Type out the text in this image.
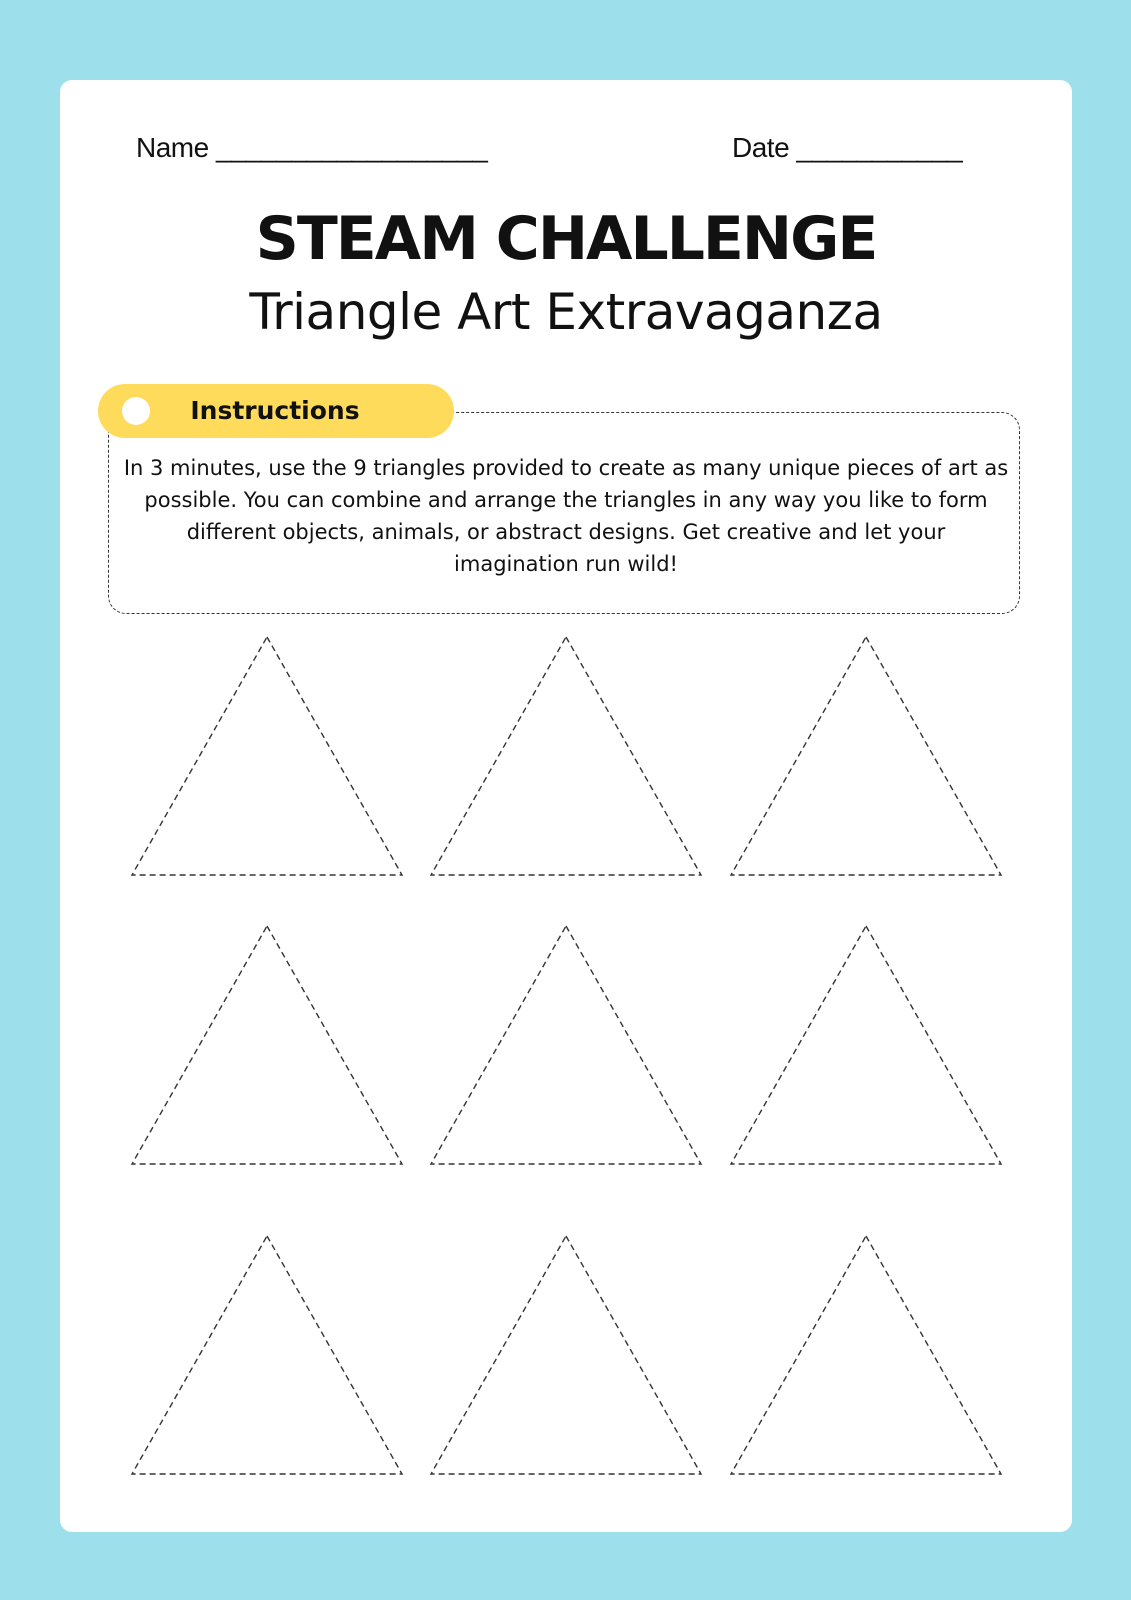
Name __________________	Date ___________
STEAM CHALLENGE
Triangle Art Extravaganza
Instructions
In 3 minutes, use the 9 triangles provided to create as many unique pieces of art as possible. You can combine and arrange the triangles in any way you like to form different objects, animals, or abstract designs. Get creative and let your imagination run wild!
